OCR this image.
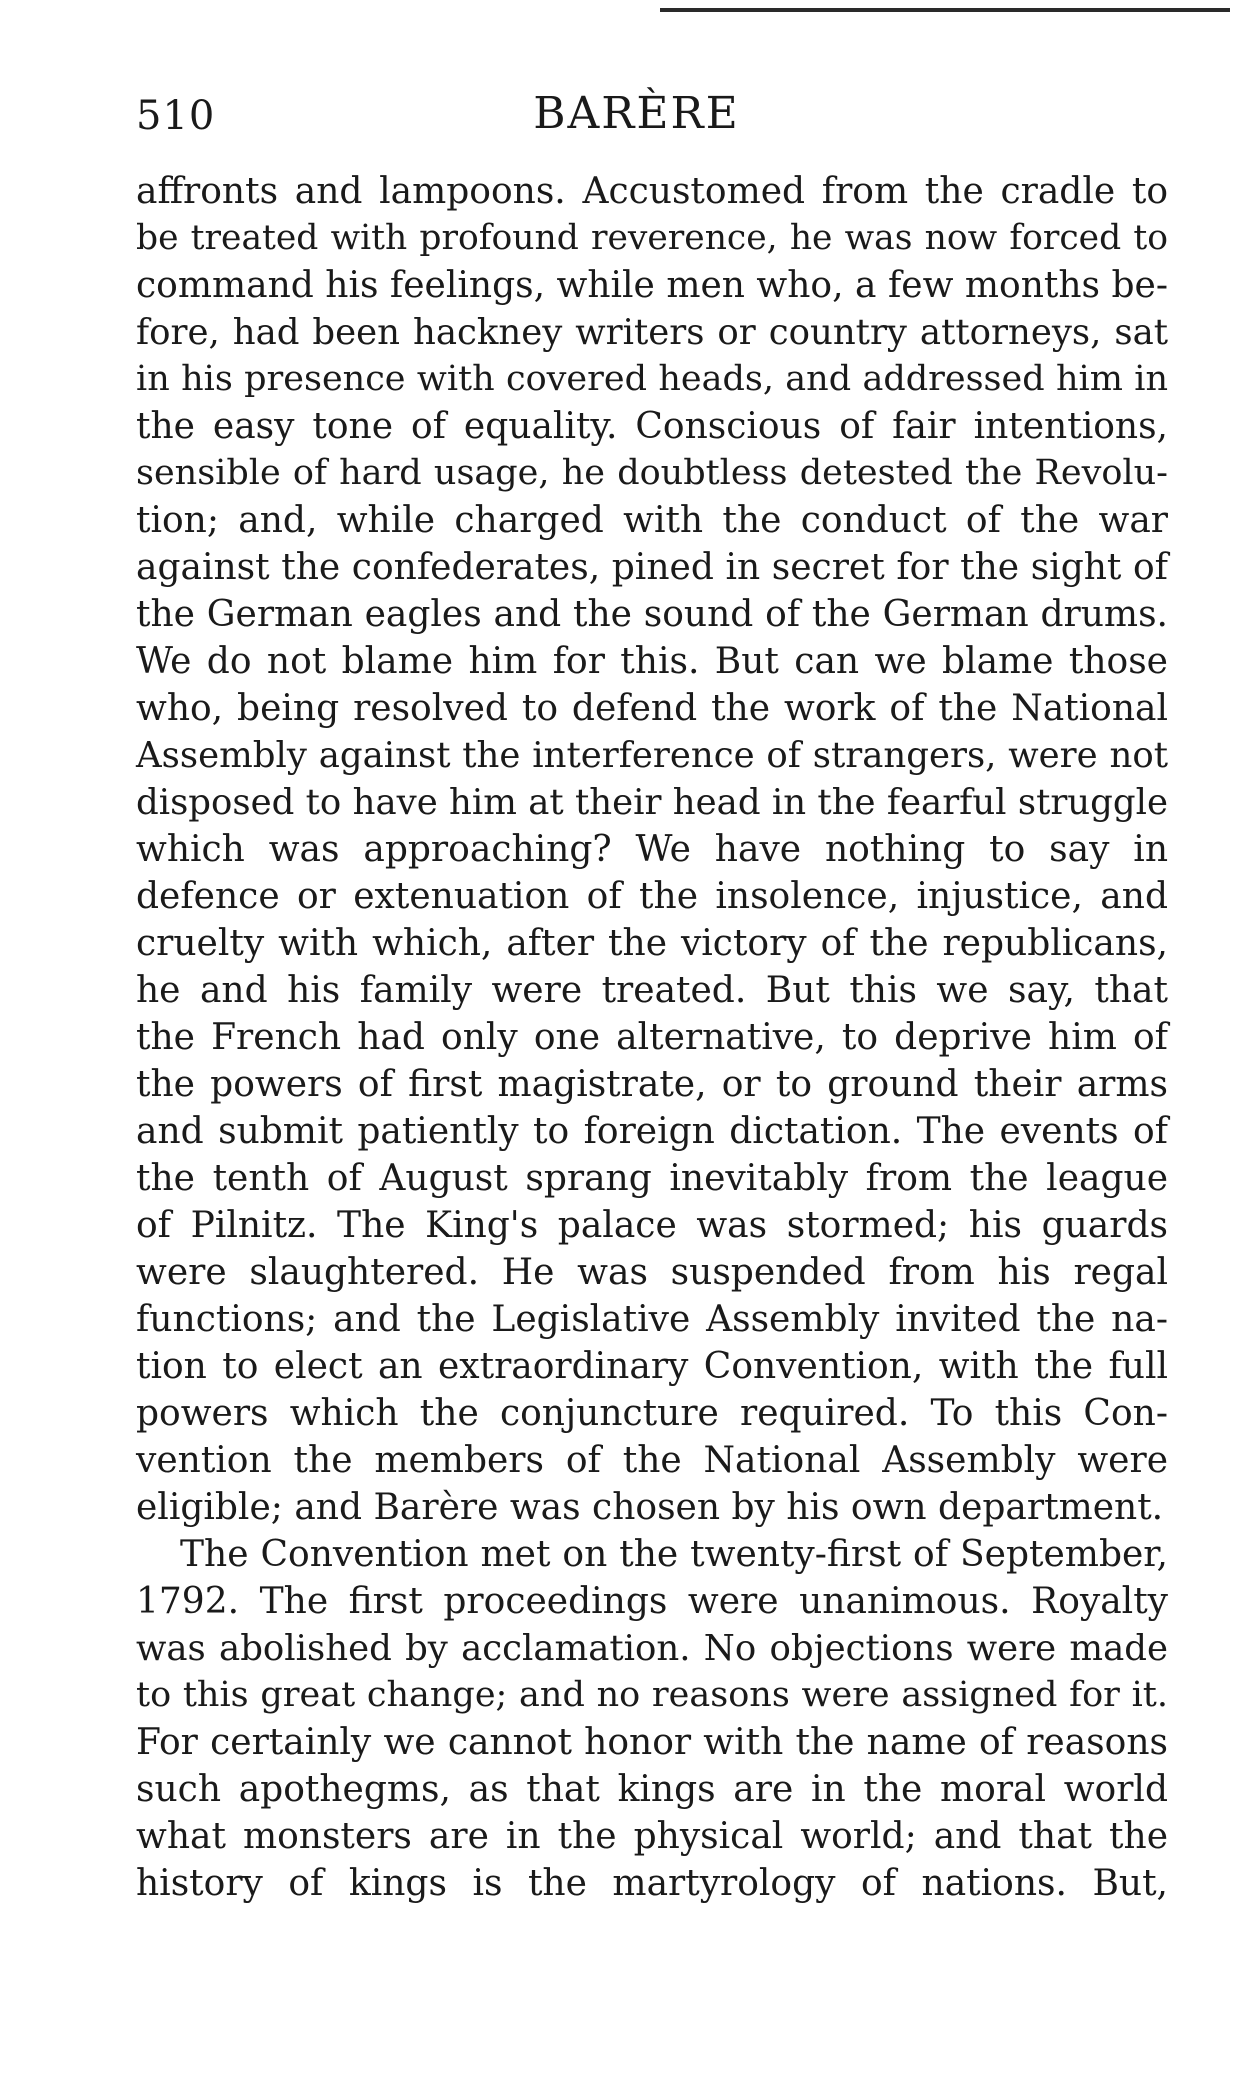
510	BARÈRE
affronts and lampoons. Accustomed from the cradle to
be treated with profound reverence, he was now forced to
command his feelings, while men who, a few months be-
fore, had been hackney writers or country attorneys, sat
in his presence with covered heads, and addressed him in
the easy tone of equality. Conscious of fair intentions,
sensible of hard usage, he doubtless detested the Revolu-
tion; and, while charged with the conduct of the war
against the confederates, pined in secret for the sight of
the German eagles and the sound of the German drums.
We do not blame him for this. But can we blame those
who, being resolved to defend the work of the National
Assembly against the interference of strangers, were not
disposed to have him at their head in the fearful struggle
which was approaching? We have nothing to say in
defence or extenuation of the insolence, injustice, and
cruelty with which, after the victory of the republicans,
he and his family were treated. But this we say, that
the French had only one alternative, to deprive him of
the powers of first magistrate, or to ground their arms
and submit patiently to foreign dictation. The events of
the tenth of August sprang inevitably from the league
of Pilnitz. The King's palace was stormed; his guards
were slaughtered. He was suspended from his regal
functions; and the Legislative Assembly invited the na-
tion to elect an extraordinary Convention, with the full
powers which the conjuncture required. To this Con-
vention the members of the National Assembly were
eligible; and Barère was chosen by his own department.
The Convention met on the twenty-first of September,
1792. The first proceedings were unanimous. Royalty
was abolished by acclamation. No objections were made
to this great change; and no reasons were assigned for it.
For certainly we cannot honor with the name of reasons
such apothegms, as that kings are in the moral world
what monsters are in the physical world; and that the
history of kings is the martyrology of nations. But,
